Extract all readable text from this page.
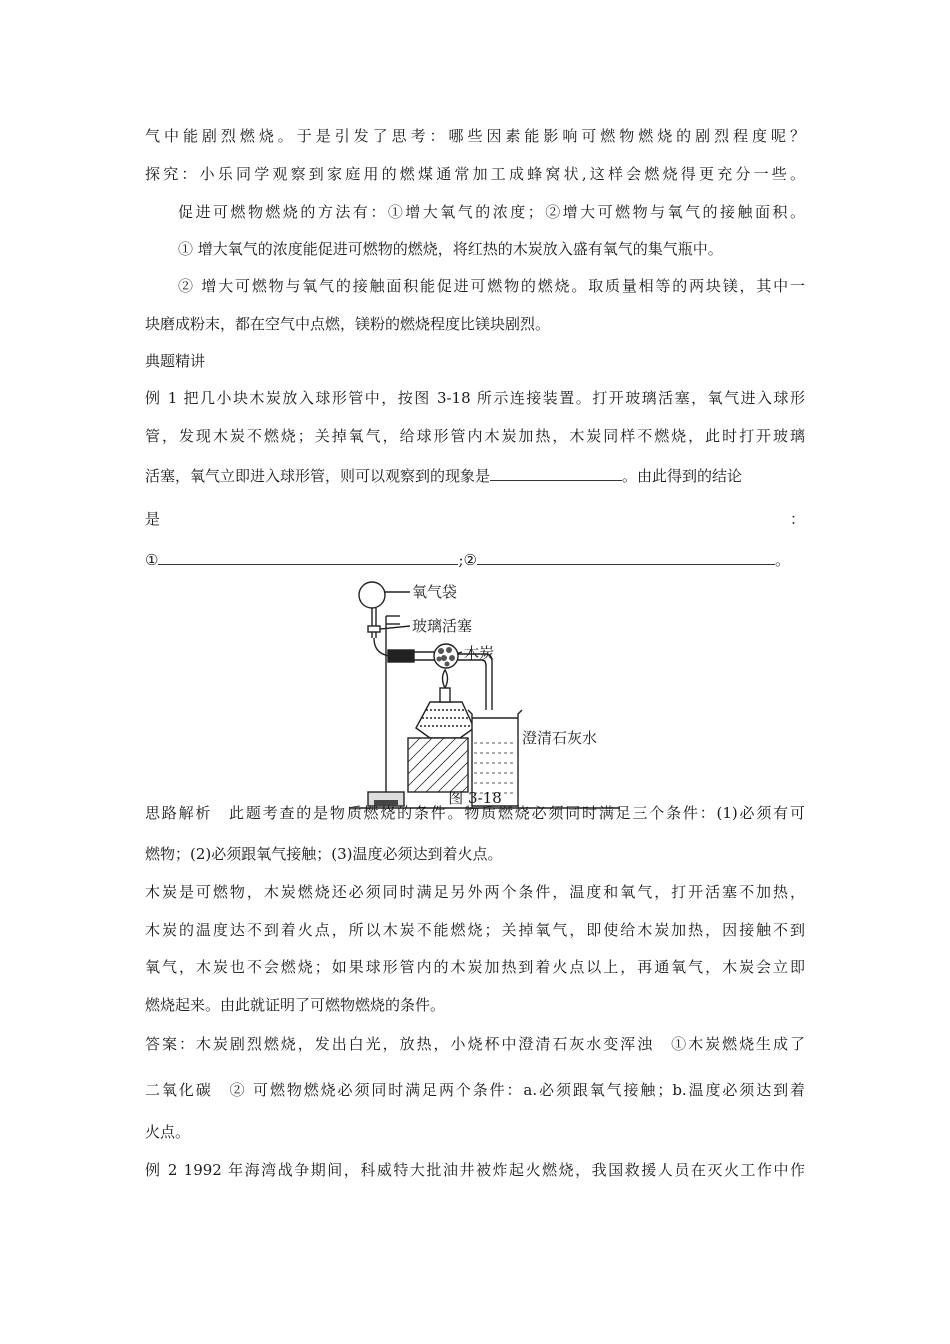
气中能剧烈燃烧。于是引发了思考：哪些因素能影响可燃物燃烧的剧烈程度呢？
探究：小乐同学观察到家庭用的燃煤通常加工成蜂窝状,这样会燃烧得更充分一些。
促进可燃物燃烧的方法有：①增大氧气的浓度；②增大可燃物与氧气的接触面积。
① 增大氧气的浓度能促进可燃物的燃烧，将红热的木炭放入盛有氧气的集气瓶中。
② 增大可燃物与氧气的接触面积能促进可燃物的燃烧。取质量相等的两块镁，其中一
块磨成粉末，都在空气中点燃，镁粉的燃烧程度比镁块剧烈。
典题精讲
例 1 把几小块木炭放入球形管中，按图 3-18 所示连接装置。打开玻璃活塞，氧气进入球形
管，发现木炭不燃烧；关掉氧气，给球形管内木炭加热，木炭同样不燃烧，此时打开玻璃
活塞，氧气立即进入球形管，则可以观察到的现象是	。由此得到的结论
是	：
①	;②	。
氧气袋
玻璃活塞
木炭
澄清石灰水
图 3-18
思路解析　此题考查的是物质燃烧的条件。物质燃烧必须同时满足三个条件：(1)必须有可
燃物；(2)必须跟氧气接触；(3)温度必须达到着火点。
木炭是可燃物，木炭燃烧还必须同时满足另外两个条件，温度和氧气，打开活塞不加热，
木炭的温度达不到着火点，所以木炭不能燃烧；关掉氧气，即使给木炭加热，因接触不到
氧气，木炭也不会燃烧；如果球形管内的木炭加热到着火点以上，再通氧气，木炭会立即
燃烧起来。由此就证明了可燃物燃烧的条件。
答案：木炭剧烈燃烧，发出白光，放热，小烧杯中澄清石灰水变浑浊　①木炭燃烧生成了
二氧化碳　② 可燃物燃烧必须同时满足两个条件：a.必须跟氧气接触；b.温度必须达到着
火点。
例 2 1992 年海湾战争期间，科威特大批油井被炸起火燃烧，我国救援人员在灭火工作中作
